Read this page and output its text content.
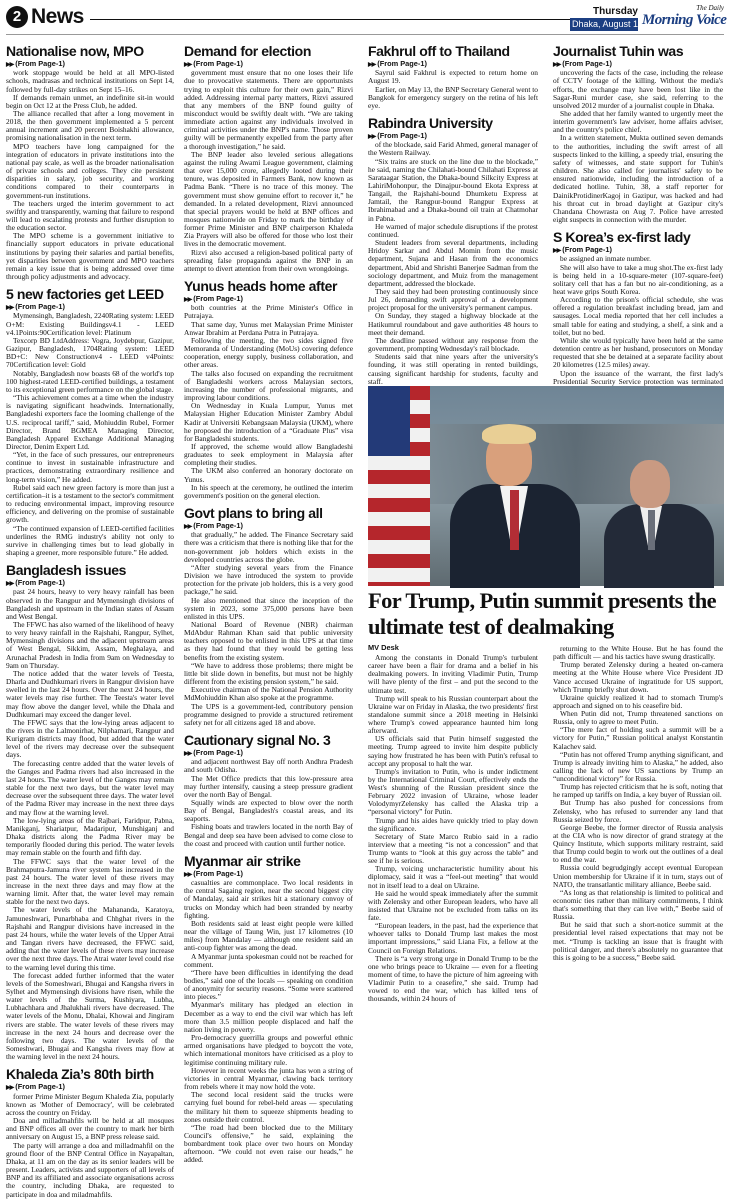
2 News	Thursday
Dhaka, August 14, 2025
The Daily
Morning Voice
Nationalise now, MPO
▶▶ (From Page-1)

work stoppage would be held at all MPO-listed schools, madrasas and technical institutions on Sept 14, followed by full-day strikes on Sept 15–16.

If demands remain unmet, an indefinite sit-in would begin on Oct 12 at the Press Club, he added.

The alliance recalled that after a long movement in 2018, the then government implemented a 5 percent annual increment and 20 percent Boishakhi allowance, promising nationalisation in the next term.

MPO teachers have long campaigned for the integration of educators in private institutions into the national pay scale, as well as the broader nationalisation of private schools and colleges. They cite persistent disparities in salary, job security, and working conditions compared to their counterparts in government-run institutions.

The teachers urged the interim government to act swiftly and transparently, warning that failure to respond will lead to escalating protests and further disruption to the education sector.

The MPO scheme is a government initiative to financially support educators in private educational institutions by paying their salaries and partial benefits, yet disparities between government and MPO teachers remain a key issue that is being addressed over time through policy adjustments and advocacy.

5 new factories get LEED
▶▶ (From Page-1)

Mymensingh, Bangladesh, 2240Rating system: LEED O+M: Existing Buildingsv4.1 - LEED v4.1Points:90Certification level: Platinum

Texcorp BD LtdAddress: Vogra, Joydebpur, Gazipur, Gazipur, Bangladesh, 1704Rating system: LEED BD+C: New Constructionv4 - LEED v4Points: 70Certification level: Gold

Notably, Bangladesh now boasts 68 of the world's top 100 highest-rated LEED-certified buildings, a testament to its exceptional green performance on the global stage.

“This achievement comes at a time when the industry is navigating significant headwinds. Internationally, Bangladeshi exporters face the looming challenge of the U.S. reciprocal tariff,” said, Mohiuddin Rubel, Former Director, Brand BGMEA Managing Director, Bangladesh Apparel Exchange Additional Managing Director, Denim Expert Ltd.

“Yet, in the face of such pressures, our entrepreneurs continue to invest in sustainable infrastructure and practices, demonstrating extraordinary resilience and long-term vision,” He added.

Rubel said each new green factory is more than just a certification–it is a testament to the sector's commitment to reducing environmental impact, improving resource efficiency, and delivering on the promise of sustainable growth.

“The continued expansion of LEED-certified facilities underlines the RMG industry's ability not only to survive in challenging times but to lead globally in shaping a greener, more responsible future.” He added.

Bangladesh issues
▶▶ (From Page-1)

past 24 hours, heavy to very heavy rainfall has been observed in the Rangpur and Mymensingh divisions of Bangladesh and upstream in the Indian states of Assam and West Bengal.

The FFWC has also warned of the likelihood of heavy to very heavy rainfall in the Rajshahi, Rangpur, Sylhet, Mymensingh divisions and the adjacent upstream areas of West Bengal, Sikkim, Assam, Meghalaya, and Arunachal Pradesh in India from 9am on Wednesday to 9am on Thursday.

The notice added that the water levels of Teesta, Dharla and Dudhkumari rivers in Rangpur division have swelled in the last 24 hours. Over the next 24 hours, the water levels may rise further. The Teesta's water level may flow above the danger level, while the Dhala and Dudhkumari may exceed the danger level.

The FFWC says that the low-lying areas adjacent to the rivers in the Lalmonirhat, Nilphamari, Rangpur and Kurigram districts may flood, but added that the water level of the rivers may decrease over the subsequent days.

The forecasting centre added that the water levels of the Ganges and Padma rivers had also increased in the last 24 hours. The water level of the Ganges may remain stable for the next two days, but the water level may decrease over the subsequent three days. The water level of the Padma River may increase in the next three days and may flow at the warning level.

The low-lying areas of the Rajbari, Faridpur, Pabna, Manikganj, Shariatpur, Madaripur, Munshiganj and Dhaka districts along the Padma River may be temporarily flooded during this period. The water levels may remain stable on the fourth and fifth day.

The FFWC says that the water level of the Brahmaputra-Jamuna river system has increased in the past 24 hours. The water level of these rivers may increase in the next three days and may flow at the warning limit. After that, the water level may remain stable for the next two days.

The water levels of the Mahananda, Karatoya, Jamuneshwari, Punarbhaba and Chhghat rivers in the Rajshahi and Rangpur divisions have increased in the past 24 hours, while the water levels of the Upper Atrai and Tangan rivers have decreased, the FFWC said, adding that the water levels of these rivers may increase over the next three days. The Atrai water level could rise to the warning level during this time.

The forecast added further informed that the water levels of the Someshwari, Bhugai and Kangsha rivers in Sylhet and Mymensingh divisions have risen, while the water levels of the Surma, Kushiyara, Lubha, Lubhachhara and Jhalukhali rivers have decreased. The water levels of the Monu, Dhalai, Khowai and Jingiram rivers are stable. The water levels of these rivers may increase in the next 24 hours and decrease over the following two days. The water levels of the Someshwari, Bhugai and Kangsha rivers may flow at the warning level in the next 24 hours.

Khaleda Zia’s 80th birth
▶▶ (From Page-1)

former Prime Minister Begum Khaleda Zia, popularly known as 'Mother of Democracy', will be celebrated across the country on Friday.

Doa and milladmahfils will be held at all mosques and BNP offices all over the country to mark her birth anniversary on August 15, a BNP press release said.

The party will arrange a doa and milladmahfil on the ground floor of the BNP Central Office in Nayapaltan, Dhaka, at 11 am on the day as its senior leaders will be present. Leaders, activists and supporters of all levels of BNP and its affiliated and associate organisations across the country, including Dhaka, are requested to participate in doa and miladmahfils.

Demand for election
▶▶ (From Page-1)

government must ensure that no one loses their life due to provocative statements. There are opportunists trying to exploit this culture for their own gain,” Rizvi added. Addressing internal party matters, Rizvi assured that any members of the BNP found guilty of misconduct would be swiftly dealt with. “We are taking immediate action against any individuals involved in criminal activities under the BNP's name. Those proven guilty will be permanently expelled from the party after a thorough investigation,” he said.

The BNP leader also leveled serious allegations against the ruling Awami League government, claiming that over 15,000 crore, allegedly looted during their tenure, was deposited in Farmers Bank, now known as Padma Bank. “There is no trace of this money. The government must show genuine effort to recover it,” he demanded. In a related development, Rizvi announced that special prayers would be held at BNP offices and mosques nationwide on Friday to mark the birthday of former Prime Minister and BNP chairperson Khaleda Zia Prayers will also be offered for those who lost their lives in the democratic movement.

Rizvi also accused a religion-based political party of spreading false propaganda against the BNP in an attempt to divert attention from their own wrongdoings.

Yunus heads home after
▶▶ (From Page-1)

both countries at the Prime Minister's Office in Putrajaya.

That same day, Yunus met Malaysian Prime Minister Anwar Ibrahim at Perdana Putra in Putrajaya.

Following the meeting, the two sides signed five Memoranda of Understanding (MoUs) covering defence cooperation, energy supply, business collaboration, and other areas.

The talks also focused on expanding the recruitment of Bangladeshi workers across Malaysian sectors, increasing the number of professional migrants, and improving labour conditions.

On Wednesday in Kuala Lumpur, Yunus met Malaysian Higher Education Minister Zambry Abdul Kadir at Universiti Kebangsaan Malaysia (UKM), where he proposed the introduction of a “Graduate Plus” visa for Bangladeshi students.

If approved, the scheme would allow Bangladeshi graduates to seek employment in Malaysia after completing their studies.

The UKM also conferred an honorary doctorate on Yunus.

In his speech at the ceremony, he outlined the interim government's position on the general election.

Govt plans to bring all
▶▶ (From Page-1)

that gradually,” he added. The Finance Secretary said there was a criticism that there is nothing like that for the non-government job holders which exists in the developed countries across the globe.

“After studying several years from the Finance Division we have introduced the system to provide protection for the private job holders, this is a very good package,” he said.

He also mentioned that since the inception of the system in 2023, some 375,000 persons have been enlisted in this UPS.

National Board of Revenue (NBR) chairman MdAbdur Rahman Khan said that public university teachers opposed to be enlisted in this UPS at that time as they had found that they would be getting less benefits from the existing system.

“We have to address those problems; there might be little bit slide down in benefits, but must not be highly different from the existing pension system,” he said.

Executive chairman of the National Pension Authority MdMohiuddin Khan also spoke at the programme.

The UPS is a government-led, contributory pension programme designed to provide a structured retirement safety net for all citizens aged 18 and above.

Cautionary signal No. 3
▶▶ (From Page-1)

and adjacent northwest Bay off north Andhra Pradesh and south Odisha.

The Met Office predicts that this low-pressure area may further intensify, causing a steep pressure gradient over the north Bay of Bengal.

Squally winds are expected to blow over the north Bay of Bengal, Bangladesh's coastal areas, and its seaports.

Fishing boats and trawlers located in the north Bay of Bengal and deep sea have been advised to come close to the coast and proceed with caution until further notice.

Myanmar air strike
▶▶ (From Page-1)

casualties are commonplace. Two local residents in the central Sagaing region, near the second biggest city of Mandalay, said air strikes hit a stationary convoy of trucks on Monday which had been stranded by nearby fighting.

Both residents said at least eight people were killed near the village of Taung Win, just 17 kilometres (10 miles) from Mandalay — although one resident said an anti-coup fighter was among the dead.

A Myanmar junta spokesman could not be reached for comment.

“There have been difficulties in identifying the dead bodies,” said one of the locals — speaking on condition of anonymity for security reasons. “Some were scattered into pieces.”

Myanmar's military has pledged an election in December as a way to end the civil war which has left more than 3.5 million people displaced and half the nation living in poverty.

Pro-democracy guerrilla groups and powerful ethnic armed organisations have pledged to boycott the vote, which international monitors have criticised as a ploy to legitimise continuing military rule.

However in recent weeks the junta has won a string of victories in central Myanmar, clawing back territory from rebels where it may now hold the vote.

The second local resident said the trucks were carrying fuel bound for rebel-held areas — speculating the military hit them to squeeze shipments heading to zones outside their control.

“The road had been blocked due to the Military Council's offensive,” he said, explaining the bombardment took place over two hours on Monday afternoon. “We could not even raise our heads,” he added.

Fakhrul off to Thailand
▶▶ (From Page-1)

Sayrul said Fakhrul is expected to return home on August 19.

Earlier, on May 13, the BNP Secretary General went to Bangkok for emergency surgery on the retina of his left eye.

Rabindra University
▶▶ (From Page-1)

of the blockade, said Farid Ahmed, general manager of the Western Railway.

“Six trains are stuck on the line due to the blockade,” he said, naming the Chilahati-bound Chilahati Express at Sarataagar Station, the Dhaka-bound Silkcity Express at LahiriMohonpur, the Dinajpur-bound Ekota Express at Tangail, the Rajshahi-bound Dhumketu Express at Jamtail, the Rangpur-bound Rangpur Express at Ibrahimabad and a Dhaka-bound oil train at Chatmohar in Pabna.

He warned of major schedule disruptions if the protest continued.

Student leaders from several departments, including Hridoy Sarkar and Abdul Momin from the music department, Sujana and Hasan from the economics department, Abid and Shrishti Banerjee Sadman from the sociology department, and Muiz from the management department, addressed the blockade.

They said they had been protesting continuously since Jul 26, demanding swift approval of a development project proposal for the university's permanent campus.

On Sunday, they staged a highway blockade at the Hatikumrul roundabout and gave authorities 48 hours to meet their demand.

The deadline passed without any response from the government, prompting Wednesday's rail blockade.

Students said that nine years after the university's founding, it was still operating in rented buildings, causing significant hardship for students, faculty and staff.

Journalist Tuhin was
▶▶ (From Page-1)

uncovering the facts of the case, including the release of CCTV footage of the killing. Without the media's efforts, the exchange may have been lost like in the Sagar-Runi murder case, she said, referring to the unsolved 2012 murder of a journalist couple in Dhaka.

She added that her family wanted to urgently meet the interim government's law adviser, home affairs adviser, and the country's police chief.

In a written statement, Mukta outlined seven demands to the authorities, including the swift arrest of all suspects linked to the killing, a speedy trial, ensuring the safety of witnesses, and state support for Tuhin's children. She also called for journalists' safety to be ensured nationwide, including the introduction of a dedicated hotline. Tuhin, 38, a staff reporter for DainikProtidinerKagoj in Gazipur, was hacked and had his throat cut in broad daylight at Gazipur city's Chandana Chowrasta on Aug 7. Police have arrested eight suspects in connection with the murder.

S Korea’s ex-first lady
▶▶ (From Page-1)

be assigned an inmate number.

She will also have to take a mug shot.The ex-first lady is being held in a 10-square-meter (107-square-feet) solitary cell that has a fan but no air-conditioning, as a heat wave grips South Korea.

According to the prison's official schedule, she was offered a regulation breakfast including bread, jam and sausages. Local media reported that her cell includes a small table for eating and studying, a shelf, a sink and a toilet, but no bed.

While she would typically have been held at the same detention centre as her husband, prosecutors on Monday requested that she be detained at a separate facility about 20 kilometres (12.5 miles) away.

Upon the issuance of the warrant, the first lady's Presidential Security Service protection was terminated

For Trump, Putin summit presents the ultimate test of dealmaking
MV Desk

Among the constants in Donald Trump's turbulent career have been a flair for drama and a belief in his dealmaking powers. In inviting Vladimir Putin, Trump will have plenty of the first – and put the second to the ultimate test.

Trump will speak to his Russian counterpart about the Ukraine war on Friday in Alaska, the two presidents' first standalone summit since a 2018 meeting in Helsinki where Trump's cowed appearance haunted him long afterward.

US officials said that Putin himself suggested the meeting. Trump agreed to invite him despite publicly saying how frustrated he has been with Putin's refusal to accept any proposal to halt the war.

Trump's invitation to Putin, who is under indictment by the International Criminal Court, effectively ends the West's shunning of the Russian president since the February 2022 invasion of Ukraine, whose leader VolodymyrZelensky has called the Alaska trip a “personal victory” for Putin.

Trump and his aides have quickly tried to play down the significance.

Secretary of State Marco Rubio said in a radio interview that a meeting “is not a concession” and that Trump wants to “look at this guy across the table” and see if he is serious.

Trump, voicing uncharacteristic humility about his diplomacy, said it was a “feel-out meeting” that would not in itself lead to a deal on Ukraine.

He said he would speak immediately after the summit with Zelensky and other European leaders, who have all insisted that Ukraine not be excluded from talks on its fate.

“European leaders, in the past, had the experience that whoever talks to Donald Trump last makes the most important impressions,” said Liana Fix, a fellow at the Council on Foreign Relations.

There is “a very strong urge in Donald Trump to be the one who brings peace to Ukraine — even for a fleeting moment of time, to have the picture of him agreeing with Vladimir Putin to a ceasefire,” she said. Trump had vowed to end the war, which has killed tens of thousands, within 24 hours of

returning to the White House. But he has found the path difficult — and his tactics have swung drastically.

Trump berated Zelensky during a heated on-camera meeting at the White House where Vice President JD Vance accused Ukraine of ingratitude for US support, which Trump briefly shut down.

Ukraine quickly realized it had to stomach Trump's approach and signed on to his ceasefire bid.

When Putin did not, Trump threatened sanctions on Russia, only to agree to meet Putin.

“The mere fact of holding such a summit will be a victory for Putin,” Russian political analyst Konstantin Kalachev said.

“Putin has not offered Trump anything significant, and Trump is already inviting him to Alaska,” he added, also calling the lack of new US sanctions by Trump an “unconditional victory” for Russia.

Trump has rejected criticism that he is soft, noting that he ramped up tariffs on India, a key buyer of Russian oil.

But Trump has also pushed for concessions from Zelensky, who has refused to surrender any land that Russia seized by force.

George Beebe, the former director of Russia analysis at the CIA who is now director of grand strategy at the Quincy Institute, which supports military restraint, said that Trump could begin to work out the outlines of a deal to end the war.

Russia could begrudgingly accept eventual European Union membership for Ukraine if it in turn, stays out of NATO, the transatlantic military alliance, Beebe said.

“As long as that relationship is limited to political and economic ties rather than military commitments, I think that's something that they can live with,” Beebe said of Russia.

But he said that such a short-notice summit at the presidential level raised expectations that may not be met. “Trump is tackling an issue that is fraught with political danger, and there's absolutely no guarantee that this is going to be a success,” Beebe said.
